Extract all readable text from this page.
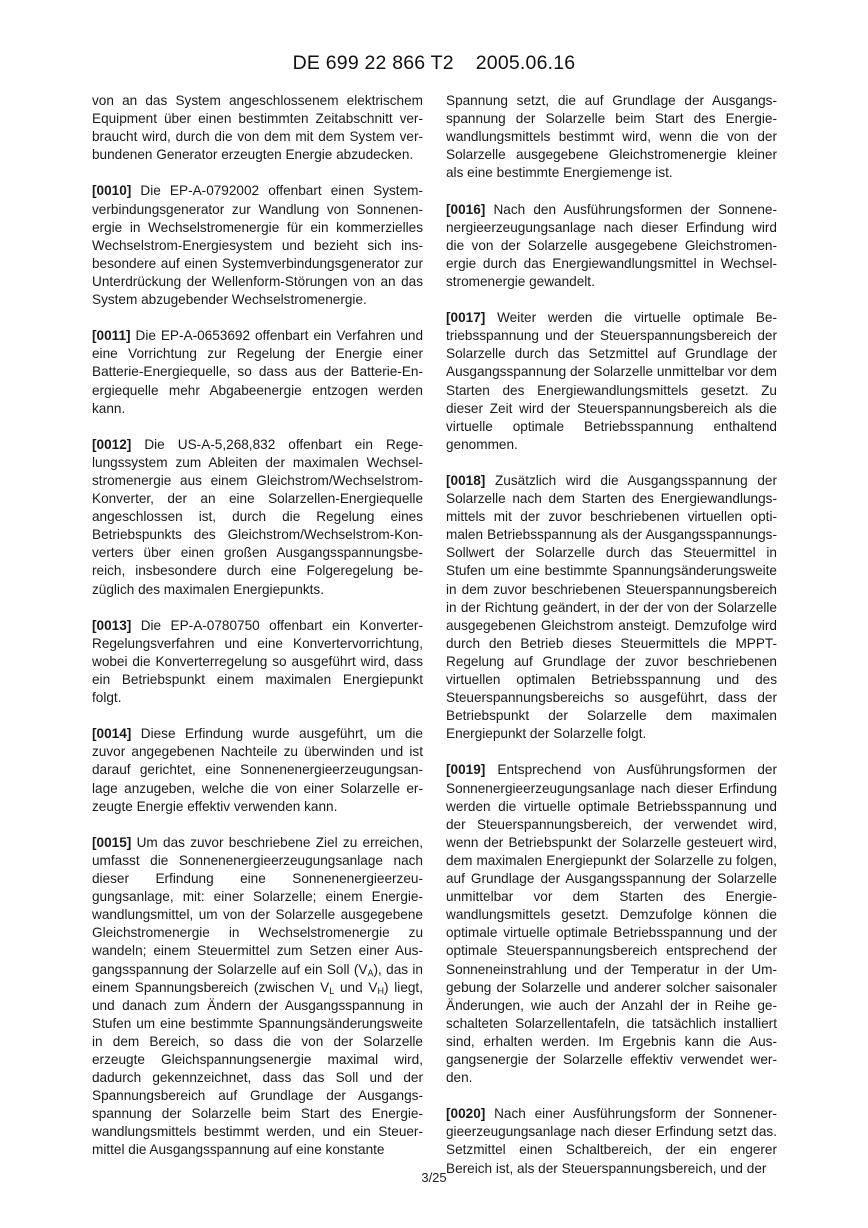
DE 699 22 866 T2 2005.06.16

von an das System angeschlossenem elektrischem Equipment über einen bestimmten Zeitabschnitt verbraucht wird, durch die von dem mit dem System verbundenen Generator erzeugten Energie abzudecken.

[0010] Die EP-A-0792002 offenbart einen Systemverbindungsgenerator zur Wandlung von Sonnenenergie in Wechselstromenergie für ein kommerzielles Wechselstrom-Energiesystem und bezieht sich insbesondere auf einen Systemverbindungsgenerator zur Unterdrückung der Wellenform-Störungen von an das System abzugebender Wechselstromenergie.

[0011] Die EP-A-0653692 offenbart ein Verfahren und eine Vorrichtung zur Regelung der Energie einer Batterie-Energiequelle, so dass aus der Batterie-Energiequelle mehr Abgabeenergie entzogen werden kann.

[0012] Die US-A-5,268,832 offenbart ein Regelungssystem zum Ableiten der maximalen Wechselstromenergie aus einem Gleichstrom/Wechselstrom-Konverter, der an eine Solarzellen-Energiequelle angeschlossen ist, durch die Regelung eines Betriebspunkts des Gleichstrom/Wechselstrom-Konverters über einen großen Ausgangsspannungsbereich, insbesondere durch eine Folgeregelung bezüglich des maximalen Energiepunkts.

[0013] Die EP-A-0780750 offenbart ein Konverter-Regelungsverfahren und eine Konvertervorrichtung, wobei die Konverterregelung so ausgeführt wird, dass ein Betriebspunkt einem maximalen Energiepunkt folgt.

[0014] Diese Erfindung wurde ausgeführt, um die zuvor angegebenen Nachteile zu überwinden und ist darauf gerichtet, eine Sonnenenergieerzeugungsanlage anzugeben, welche die von einer Solarzelle erzeugte Energie effektiv verwenden kann.

[0015] Um das zuvor beschriebene Ziel zu erreichen, umfasst die Sonnenenergieerzeugungsanlage nach dieser Erfindung eine Sonnenenergieerzeugungsanlage, mit: einer Solarzelle; einem Energiewandlungsmittel, um von der Solarzelle ausgegebene Gleichstromenergie in Wechselstromenergie zu wandeln; einem Steuermittel zum Setzen einer Ausgangsspannung der Solarzelle auf ein Soll $(V_A)$, das in einem Spannungsbereich (zwischen $V_L$ und $V_H$) liegt, und danach zum Ändern der Ausgangsspannung in Stufen um eine bestimmte Spannungsänderungsweite in dem Bereich, so dass die von der Solarzelle erzeugte Gleichspannungsenergie maximal wird, dadurch gekennzeichnet, dass das Soll und der Spannungsbereich auf Grundlage der Ausgangsspannung der Solarzelle beim Start des Energiewandlungsmittels bestimmt werden, und ein Steuermittel die Ausgangsspannung auf eine konstante

Spannung setzt, die auf Grundlage der Ausgangsspannung der Solarzelle beim Start des Energiewandlungsmittels bestimmt wird, wenn die von der Solarzelle ausgegebene Gleichstromenergie kleiner als eine bestimmte Energiemenge ist.

[0016] Nach den Ausführungsformen der Sonnenenergieerzeugungsanlage nach dieser Erfindung wird die von der Solarzelle ausgegebene Gleichstromenergie durch das Energiewandlungsmittel in Wechselstromenergie gewandelt.

[0017] Weiter werden die virtuelle optimale Betriebsspannung und der Steuerspannungsbereich der Solarzelle durch das Setzmittel auf Grundlage der Ausgangsspannung der Solarzelle unmittelbar vor dem Starten des Energiewandlungsmittels gesetzt. Zu dieser Zeit wird der Steuerspannungsbereich als die virtuelle optimale Betriebsspannung enthaltend genommen.

[0018] Zusätzlich wird die Ausgangsspannung der Solarzelle nach dem Starten des Energiewandlungsmittels mit der zuvor beschriebenen virtuellen optimalen Betriebsspannung als der Ausgangsspannungs-Sollwert der Solarzelle durch das Steuermittel in Stufen um eine bestimmte Spannungsänderungsweite in dem zuvor beschriebenen Steuerspannungsbereich in der Richtung geändert, in der der von der Solarzelle ausgegebenen Gleichstrom ansteigt. Demzufolge wird durch den Betrieb dieses Steuermittels die MPPT-Regelung auf Grundlage der zuvor beschriebenen virtuellen optimalen Betriebsspannung und des Steuerspannungsbereichs so ausgeführt, dass der Betriebspunkt der Solarzelle dem maximalen Energiepunkt der Solarzelle folgt.

[0019] Entsprechend von Ausführungsformen der Sonnenergieerzeugungsanlage nach dieser Erfindung werden die virtuelle optimale Betriebsspannung und der Steuerspannungsbereich, der verwendet wird, wenn der Betriebspunkt der Solarzelle gesteuert wird, dem maximalen Energiepunkt der Solarzelle zu folgen, auf Grundlage der Ausgangsspannung der Solarzelle unmittelbar vor dem Starten des Energiewandlungsmittels gesetzt. Demzufolge können die optimale virtuelle optimale Betriebsspannung und der optimale Steuerspannungsbereich entsprechend der Sonneneinstrahlung und der Temperatur in der Umgebung der Solarzelle und anderer solcher saisonaler Änderungen, wie auch der Anzahl der in Reihe geschalteten Solarzellentafeln, die tatsächlich installiert sind, erhalten werden. Im Ergebnis kann die Ausgangsenergie der Solarzelle effektiv verwendet werden.

[0020] Nach einer Ausführungsform der Sonnenergieerzeugungsanlage nach dieser Erfindung setzt das. Setzmittel einen Schaltbereich, der ein engerer Bereich ist, als der Steuerspannungsbereich, und der

3/25
